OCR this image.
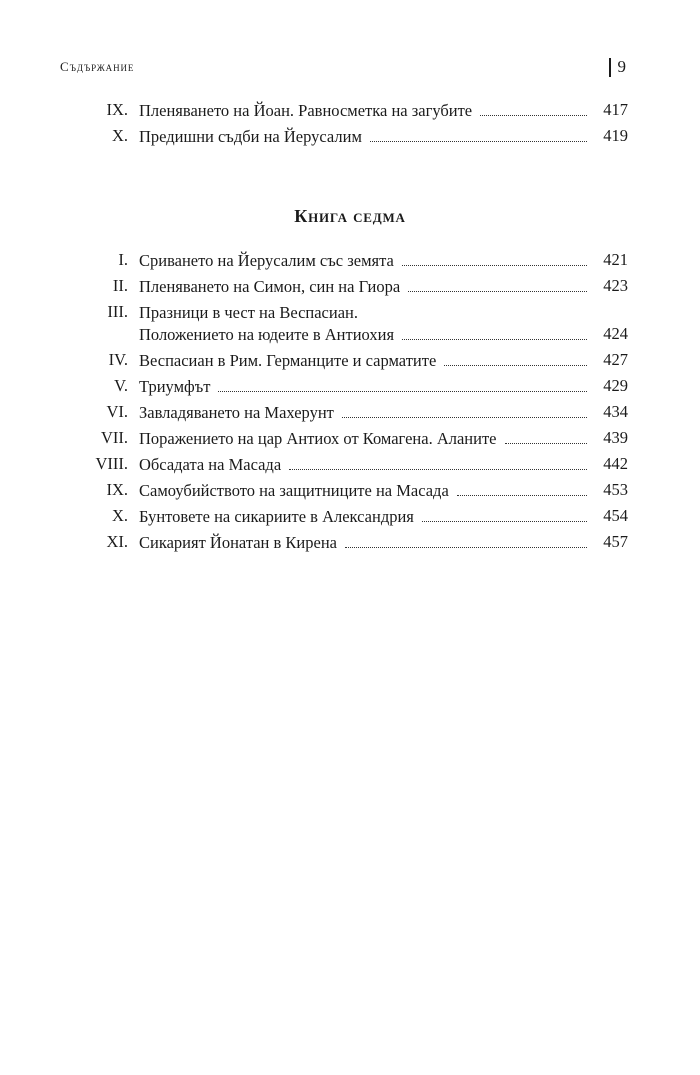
Съдържание	9
IX. Пленяването на Йоан. Равносметка на загубите	417
X. Предишни съдби на Йерусалим	419
Книга седма
I. Сриването на Йерусалим със земята	421
II. Пленяването на Симон, син на Гиора	423
III. Празници в чест на Веспасиан.
Положението на юдеите в Антиохия	424
IV. Веспасиан в Рим. Германците и сарматите	427
V. Триумфът	429
VI. Завладяването на Махерунт	434
VII. Поражението на цар Антиох от Комагена. Аланите	439
VIII. Обсадата на Масада	442
IX. Самоубийството на защитниците на Масада	453
X. Бунтовете на сикариите в Александрия	454
XI. Сикарият Йонатан в Кирена	457
